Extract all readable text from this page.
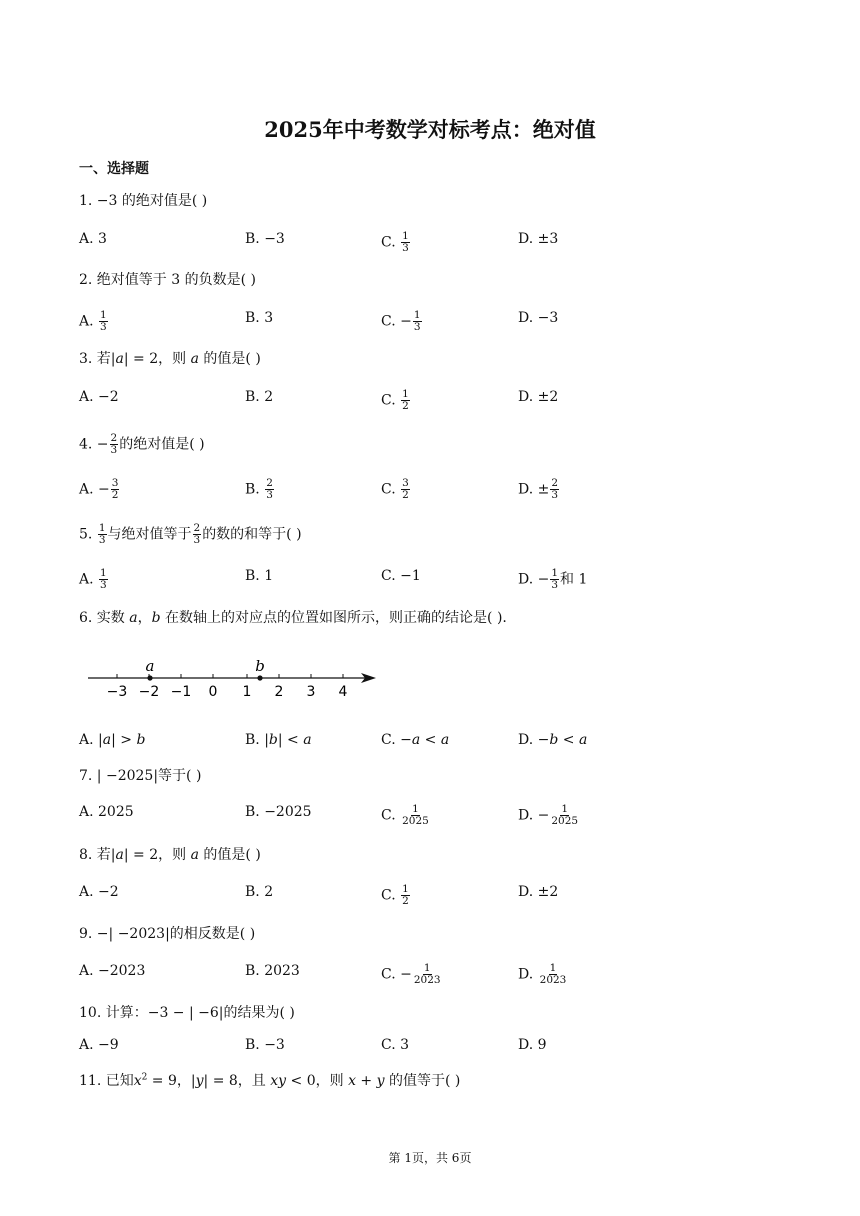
2025年中考数学对标考点：绝对值
一、选择题
1. −3 的绝对值是( )
A. 3	B. −3	C. $\frac{1}{3}$	D. ±3
2. 绝对值等于 3 的负数是( )
A. $\frac{1}{3}$	B. 3	C. − $\frac{1}{3}$	D. −3
3. 若|a| = 2，则 a 的值是( )
A. −2	B. 2	C. $\frac{1}{2}$	D. ±2
4. − $\frac{2}{3}$ 的绝对值是( )
A. − $\frac{3}{2}$	B. $\frac{2}{3}$	C. $\frac{3}{2}$	D. ± $\frac{2}{3}$
5. $\frac{1}{3}$ 与绝对值等于 $\frac{2}{3}$ 的数的和等于( )
A. $\frac{1}{3}$	B. 1	C. −1	D. − $\frac{1}{3}$ 和 1
6. 实数 a，b 在数轴上的对应点的位置如图所示，则正确的结论是( ).
A. |a| > b	B. |b| < a	C. −a < a	D. −b < a
7. | −2025|等于( )
A. 2025	B. −2025	C. $\frac{1}{2025}$	D. − $\frac{1}{2025}$
8. 若|a| = 2，则 a 的值是( )
A. −2	B. 2	C. $\frac{1}{2}$	D. ±2
9. −| −2023|的相反数是( )
A. −2023	B. 2023	C. − $\frac{1}{2023}$	D. $\frac{1}{2023}$
10. 计算：−3 − | −6|的结果为( )
A. −9	B. −3	C. 3	D. 9
11. 已知$x^2 = 9$，|y| = 8，且 xy < 0，则 x + y 的值等于( )
−3 −2 −1 0 1 2 3 4
a	b
第 1页，共 6页
